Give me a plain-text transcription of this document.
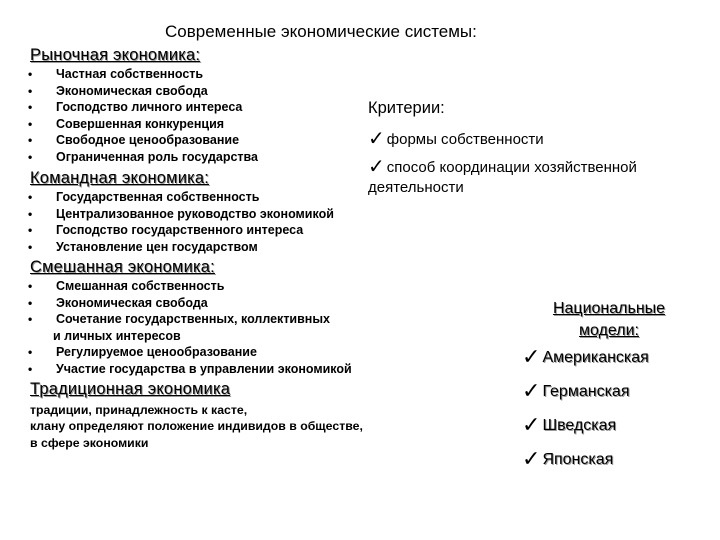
Современные экономические системы:
Рыночная экономика:
• Частная собственность
• Экономическая свобода
• Господство личного интереса
• Совершенная конкуренция
• Свободное ценообразование
• Ограниченная роль государства
Командная экономика:
• Государственная собственность
• Централизованное руководство экономикой
• Господство государственного интереса
• Установление цен государством
Смешанная экономика:
• Смешанная собственность
• Экономическая свобода
• Сочетание государственных, коллективных
и личных интересов
• Регулируемое ценообразование
• Участие государства в управлении экономикой
Традиционная экономика
традиции, принадлежность к касте,
клану определяют положение индивидов в обществе,
в сфере экономики
Критерии:
✓ формы собственности
✓ способ координации хозяйственной
деятельности
Национальные модели:
✓ Американская
✓ Германская
✓ Шведская
✓ Японская
